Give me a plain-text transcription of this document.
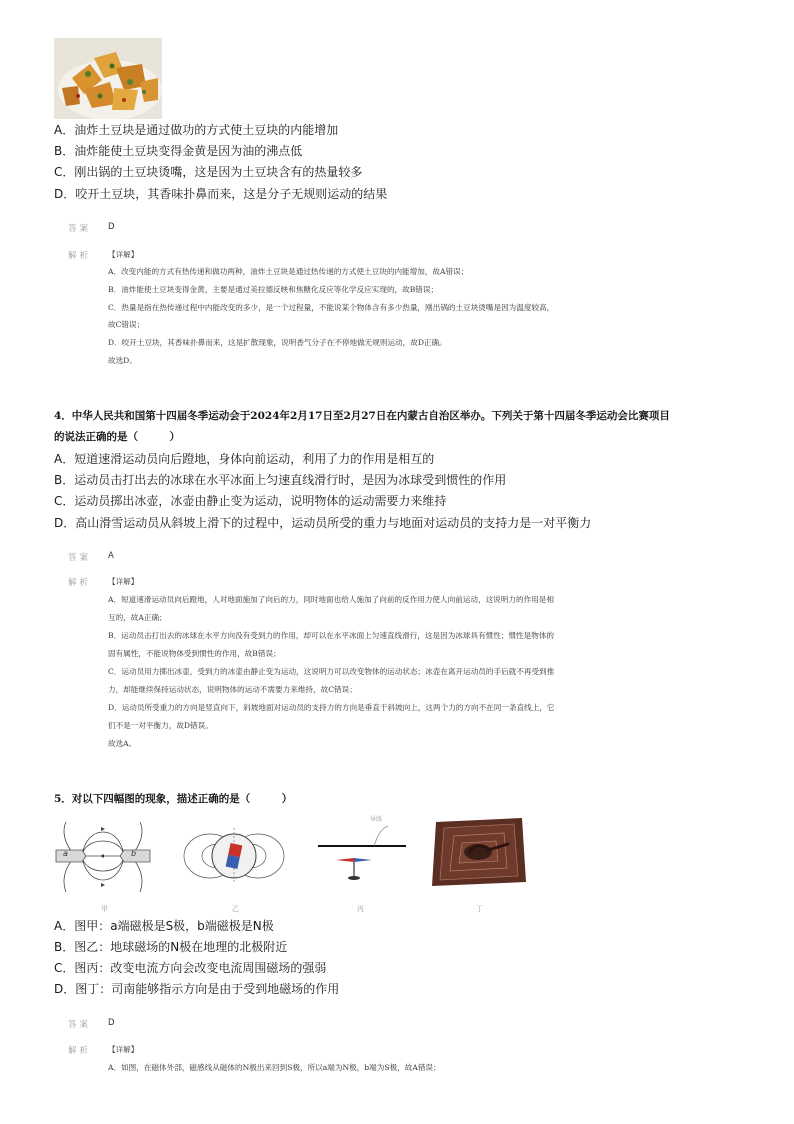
A．油炸土豆块是通过做功的方式使土豆块的内能增加
B．油炸能使土豆块变得金黄是因为油的沸点低
C．刚出锅的土豆块烫嘴，这是因为土豆块含有的热量较多
D．咬开土豆块，其香味扑鼻而来，这是分子无规则运动的结果
答案 D
解析 【详解】
A．改变内能的方式有热传递和做功两种，油炸土豆块是通过热传递的方式使土豆块的内能增加，故A错误；
B．油炸能使土豆块变得金黄，主要是通过美拉德反映和焦糖化反应等化学反应实现的，故B错误；
C．热量是指在热传递过程中内能改变的多少，是一个过程量，不能说某个物体含有多少热量，刚出锅的土豆块烫嘴是因为温度较高，
故C错误；
D．咬开土豆块，其香味扑鼻而来，这是扩散现象，说明香气分子在不停地做无规则运动，故D正确。
故选D。
4．中华人民共和国第十四届冬季运动会于2024年2月17日至2月27日在内蒙古自治区举办。下列关于第十四届冬季运动会比赛项目
的说法正确的是（　　　）
A．短道速滑运动员向后蹬地，身体向前运动，利用了力的作用是相互的
B．运动员击打出去的冰球在水平冰面上匀速直线滑行时，是因为冰球受到惯性的作用
C．运动员掷出冰壶，冰壶由静止变为运动，说明物体的运动需要力来维持
D．高山滑雪运动员从斜坡上滑下的过程中，运动员所受的重力与地面对运动员的支持力是一对平衡力
答案 A
解析 【详解】
A．短道速滑运动员向后蹬地，人对地面施加了向后的力，同时地面也给人施加了向前的反作用力使人向前运动，这说明力的作用是相
互的，故A正确；
B．运动员击打出去的冰球在水平方向没有受到力的作用，却可以在水平冰面上匀速直线滑行，这是因为冰球具有惯性；惯性是物体的
固有属性，不能说物体受到惯性的作用，故B错误；
C．运动员用力掷出冰壶，受到力的冰壶由静止变为运动，这说明力可以改变物体的运动状态；冰壶在离开运动员的手后就不再受到推
力，却能继续保持运动状态，说明物体的运动不需要力来维持，故C错误；
D．运动员所受重力的方向是竖直向下，斜坡地面对运动员的支持力的方向是垂直于斜坡向上，这两个力的方向不在同一条直线上，它
们不是一对平衡力，故D错误。
故选A。
5．对以下四幅图的现象，描述正确的是（　　　）
a	b
导线
甲	乙	丙	丁
A．图甲：a端磁极是S极，b端磁极是N极
B．图乙：地球磁场的N极在地理的北极附近
C．图丙：改变电流方向会改变电流周围磁场的强弱
D．图丁：司南能够指示方向是由于受到地磁场的作用
答案 D
解析 【详解】
A．如图，在磁体外部，磁感线从磁体的N极出来回到S极，所以a端为N极，b端为S极，故A错误；
